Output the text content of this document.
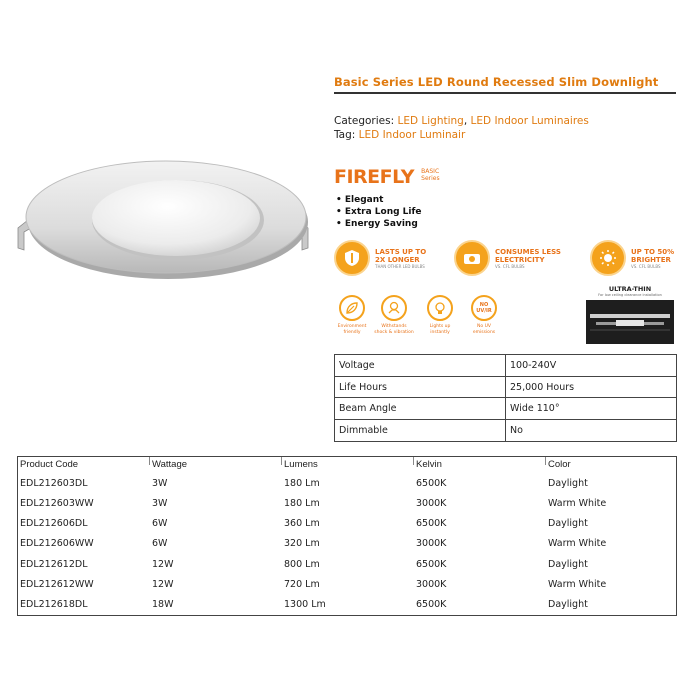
Basic Series LED Round Recessed Slim Downlight
Categories: LED Lighting, LED Indoor Luminaires
Tag: LED Indoor Luminair
FIREFLY BASIC
Series
• Elegant
• Extra Long Life
• Energy Saving
LASTS UP TO
2X LONGER
THAN OTHER LED BULBS
CONSUMES LESS
ELECTRICITY
VS. CFL BULBS
UP TO 50%
BRIGHTER
VS. CFL BULBS
Environment
friendly
Withstands
shock & vibration
Lights up
instantly
NO
UV/IR
No UV
emissions
ULTRA-THIN
For low ceiling clearance installation
Voltage	100-240V
Life Hours	25,000 Hours
Beam Angle	Wide 110°
Dimmable	No
Product Code	Wattage	Lumens	Kelvin	Color
EDL212603DL	3W	180 Lm	6500K	Daylight
EDL212603WW	3W	180 Lm	3000K	Warm White
EDL212606DL	6W	360 Lm	6500K	Daylight
EDL212606WW	6W	320 Lm	3000K	Warm White
EDL212612DL	12W	800 Lm	6500K	Daylight
EDL212612WW	12W	720 Lm	3000K	Warm White
EDL212618DL	18W	1300 Lm	6500K	Daylight
